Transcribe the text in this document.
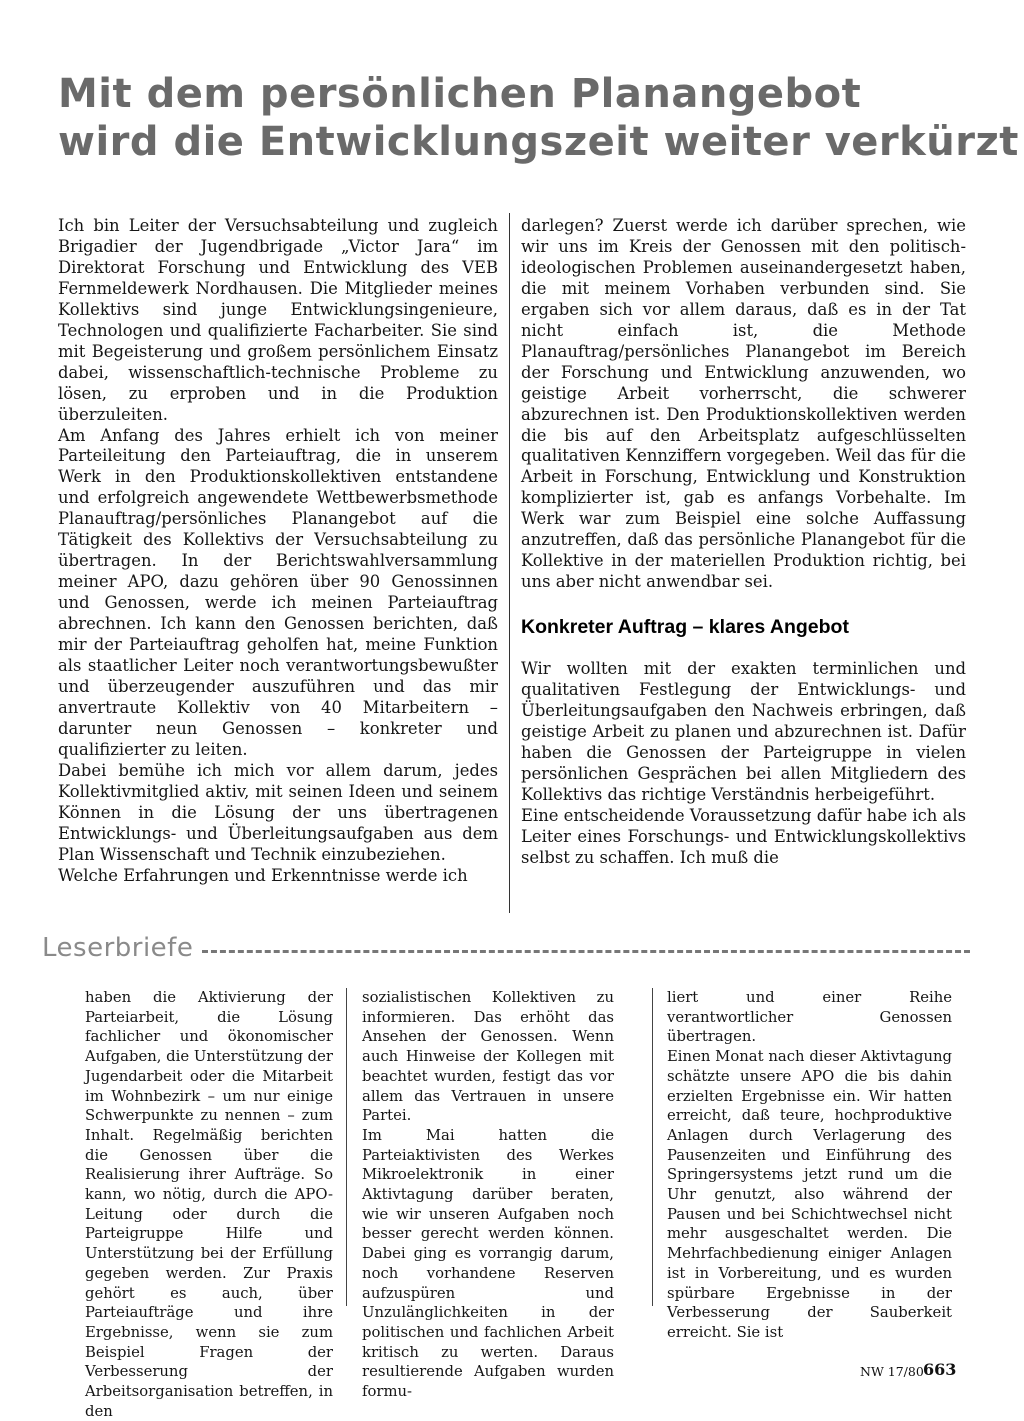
Mit dem persönlichen Planangebot
wird die Entwicklungszeit weiter verkürzt

Ich bin Leiter der Versuchsabteilung und zugleich Brigadier der Jugendbrigade „Victor Jara“ im Direktorat Forschung und Entwicklung des VEB Fernmeldewerk Nordhausen. Die Mitglieder meines Kollektivs sind junge Entwicklungsingenieure, Technologen und qualifizierte Facharbeiter. Sie sind mit Begeisterung und großem persönlichem Einsatz dabei, wissenschaftlich-technische Probleme zu lösen, zu erproben und in die Produktion überzuleiten.

Am Anfang des Jahres erhielt ich von meiner Parteileitung den Parteiauftrag, die in unserem Werk in den Produktionskollektiven entstandene und erfolgreich angewendete Wettbewerbsmethode Planauftrag/persönliches Planangebot auf die Tätigkeit des Kollektivs der Versuchsabteilung zu übertragen. In der Berichtswahlversammlung meiner APO, dazu gehören über 90 Genossinnen und Genossen, werde ich meinen Parteiauftrag abrechnen. Ich kann den Genossen berichten, daß mir der Parteiauftrag geholfen hat, meine Funktion als staatlicher Leiter noch verantwortungsbewußter und überzeugender auszuführen und das mir anvertraute Kollektiv von 40 Mitarbeitern – darunter neun Genossen – konkreter und qualifizierter zu leiten.

Dabei bemühe ich mich vor allem darum, jedes Kollektivmitglied aktiv, mit seinen Ideen und seinem Können in die Lösung der uns übertragenen Entwicklungs- und Überleitungsaufgaben aus dem Plan Wissenschaft und Technik einzubeziehen.

Welche Erfahrungen und Erkenntnisse werde ich

darlegen? Zuerst werde ich darüber sprechen, wie wir uns im Kreis der Genossen mit den politisch-ideologischen Problemen auseinandergesetzt haben, die mit meinem Vorhaben verbunden sind. Sie ergaben sich vor allem daraus, daß es in der Tat nicht einfach ist, die Methode Planauftrag/persönliches Planangebot im Bereich der Forschung und Entwicklung anzuwenden, wo geistige Arbeit vorherrscht, die schwerer abzurechnen ist. Den Produktionskollektiven werden die bis auf den Arbeitsplatz aufgeschlüsselten qualitativen Kennziffern vorgegeben. Weil das für die Arbeit in Forschung, Entwicklung und Konstruktion komplizierter ist, gab es anfangs Vorbehalte. Im Werk war zum Beispiel eine solche Auffassung anzutreffen, daß das persönliche Planangebot für die Kollektive in der materiellen Produktion richtig, bei uns aber nicht anwendbar sei.

Konkreter Auftrag – klares Angebot

Wir wollten mit der exakten terminlichen und qualitativen Festlegung der Entwicklungs- und Überleitungsaufgaben den Nachweis erbringen, daß geistige Arbeit zu planen und abzurechnen ist. Dafür haben die Genossen der Parteigruppe in vielen persönlichen Gesprächen bei allen Mitgliedern des Kollektivs das richtige Verständnis herbeigeführt.

Eine entscheidende Voraussetzung dafür habe ich als Leiter eines Forschungs- und Entwicklungskollektivs selbst zu schaffen. Ich muß die

Leserbriefe

haben die Aktivierung der Parteiarbeit, die Lösung fachlicher und ökonomischer Aufgaben, die Unterstützung der Jugendarbeit oder die Mitarbeit im Wohnbezirk – um nur einige Schwerpunkte zu nennen – zum Inhalt. Regelmäßig berichten die Genossen über die Realisierung ihrer Aufträge. So kann, wo nötig, durch die APO-Leitung oder durch die Parteigruppe Hilfe und Unterstützung bei der Erfüllung gegeben werden. Zur Praxis gehört es auch, über Parteiaufträge und ihre Ergebnisse, wenn sie zum Beispiel Fragen der Verbesserung der Arbeitsorganisation betreffen, in den

sozialistischen Kollektiven zu informieren. Das erhöht das Ansehen der Genossen. Wenn auch Hinweise der Kollegen mit beachtet wurden, festigt das vor allem das Vertrauen in unsere Partei.

Im Mai hatten die Parteiaktivisten des Werkes Mikroelektronik in einer Aktivtagung darüber beraten, wie wir unseren Aufgaben noch besser gerecht werden können. Dabei ging es vorrangig darum, noch vorhandene Reserven aufzuspüren und Unzulänglichkeiten in der politischen und fachlichen Arbeit kritisch zu werten. Daraus resultierende Aufgaben wurden formu-

liert und einer Reihe verantwortlicher Genossen übertragen.

Einen Monat nach dieser Aktivtagung schätzte unsere APO die bis dahin erzielten Ergebnisse ein. Wir hatten erreicht, daß teure, hochproduktive Anlagen durch Verlagerung des Pausenzeiten und Einführung des Springersystems jetzt rund um die Uhr genutzt, also während der Pausen und bei Schichtwechsel nicht mehr ausgeschaltet werden. Die Mehrfachbedienung einiger Anlagen ist in Vorbereitung, und es wurden spürbare Ergebnisse in der Verbesserung der Sauberkeit erreicht. Sie ist

NW 17/80 663
